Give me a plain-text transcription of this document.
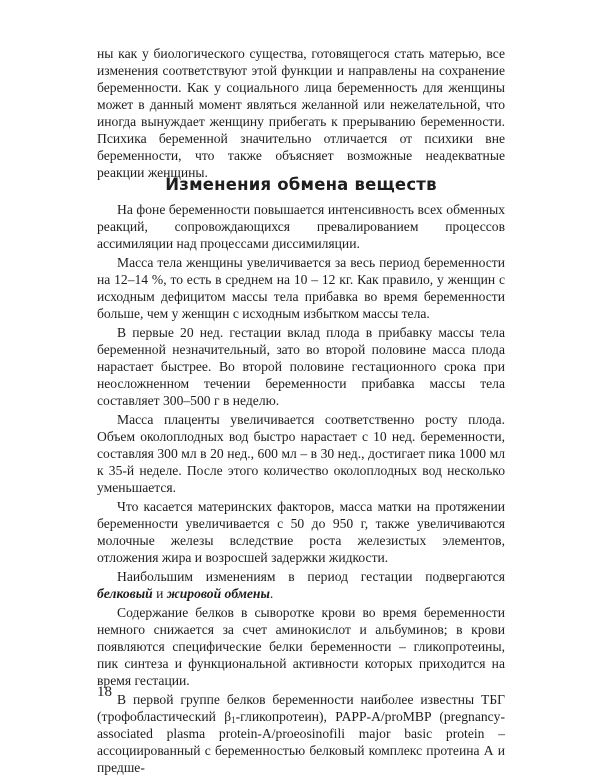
ны как у биологического существа, готовящегося стать матерью, все изменения соответствуют этой функции и направлены на сохранение беременности. Как у социального лица беременность для женщины может в данный момент являться желанной или нежелательной, что иногда вынуждает женщину прибегать к прерыванию беременности. Психика беременной значительно отличается от психики вне беременности, что также объясняет возможные неадекватные реакции женщины.

Изменения обмена веществ

На фоне беременности повышается интенсивность всех обменных реакций, сопровождающихся превалированием процессов ассимиляции над процессами диссимиляции.

Масса тела женщины увеличивается за весь период беременности на 12–14 %, то есть в среднем на 10 – 12 кг. Как правило, у женщин с исходным дефицитом массы тела прибавка во время беременности больше, чем у женщин с исходным избытком массы тела.

В первые 20 нед. гестации вклад плода в прибавку массы тела беременной незначительный, зато во второй половине масса плода нарастает быстрее. Во второй половине гестационного срока при неосложненном течении беременности прибавка массы тела составляет 300–500 г в неделю.

Масса плаценты увеличивается соответственно росту плода. Объем околоплодных вод быстро нарастает с 10 нед. беременности, составляя 300 мл в 20 нед., 600 мл – в 30 нед., достигает пика 1000 мл к 35-й неделе. После этого количество околоплодных вод несколько уменьшается.

Что касается материнских факторов, масса матки на протяжении беременности увеличивается с 50 до 950 г, также увеличиваются молочные железы вследствие роста железистых элементов, отложения жира и возросшей задержки жидкости.

Наибольшим изменениям в период гестации подвергаются белковый и жировой обмены.

Содержание белков в сыворотке крови во время беременности немного снижается за счет аминокислот и альбуминов; в крови появляются специфические белки беременности – гликопротеины, пик синтеза и функциональной активности которых приходится на время гестации.

В первой группе белков беременности наиболее известны ТБГ (трофобластический $\beta_1-гликопротеин$), PAPP-A/proMBP (pregnancy-associated plasma protein-A/proeosinofili major basic protein – ассоциированный с беременностью белковый комплекс протеина А и предше-

18
